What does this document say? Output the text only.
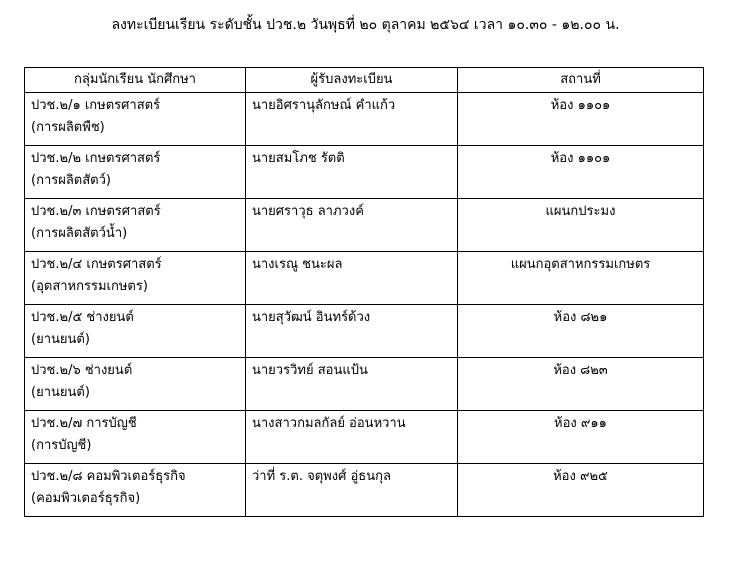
ลงทะเบียนเรียน ระดับชั้น ปวช.๒ วันพุธที่ ๒๐ ตุลาคม ๒๕๖๔ เวลา ๑๐.๓๐ - ๑๒.๐๐ น.
กลุ่มนักเรียน นักศึกษา	ผู้รับลงทะเบียน	สถานที่

ปวช.๒/๑ เกษตรศาสตร์
(การผลิตพืช)	นายอิศรานุลักษณ์ คำแก้ว	ห้อง ๑๑๐๑

ปวช.๒/๒ เกษตรศาสตร์
(การผลิตสัตว์)	นายสมโภช รัตติ	ห้อง ๑๑๐๑

ปวช.๒/๓ เกษตรศาสตร์
(การผลิตสัตว์น้ำ)	นายศราวุธ ลาภวงค์	แผนกประมง

ปวช.๒/๔ เกษตรศาสตร์
(อุตสาหกรรมเกษตร)	นางเรณู ชนะผล	แผนกอุตสาหกรรมเกษตร

ปวช.๒/๕ ช่างยนต์
(ยานยนต์)	นายสุวัฒน์ อินทร์ด้วง	ห้อง ๘๒๑

ปวช.๒/๖ ช่างยนต์
(ยานยนต์)	นายวรวิทย์ สอนแป้น	ห้อง ๘๒๓

ปวช.๒/๗ การบัญชี
(การบัญชี)	นางสาวกมลกัลย์ อ่อนหวาน	ห้อง ๙๑๑

ปวช.๒/๘ คอมพิวเตอร์ธุรกิจ
(คอมพิวเตอร์ธุรกิจ)	ว่าที่ ร.ต. จตุพงศ์ อู่ธนกุล	ห้อง ๙๒๕
